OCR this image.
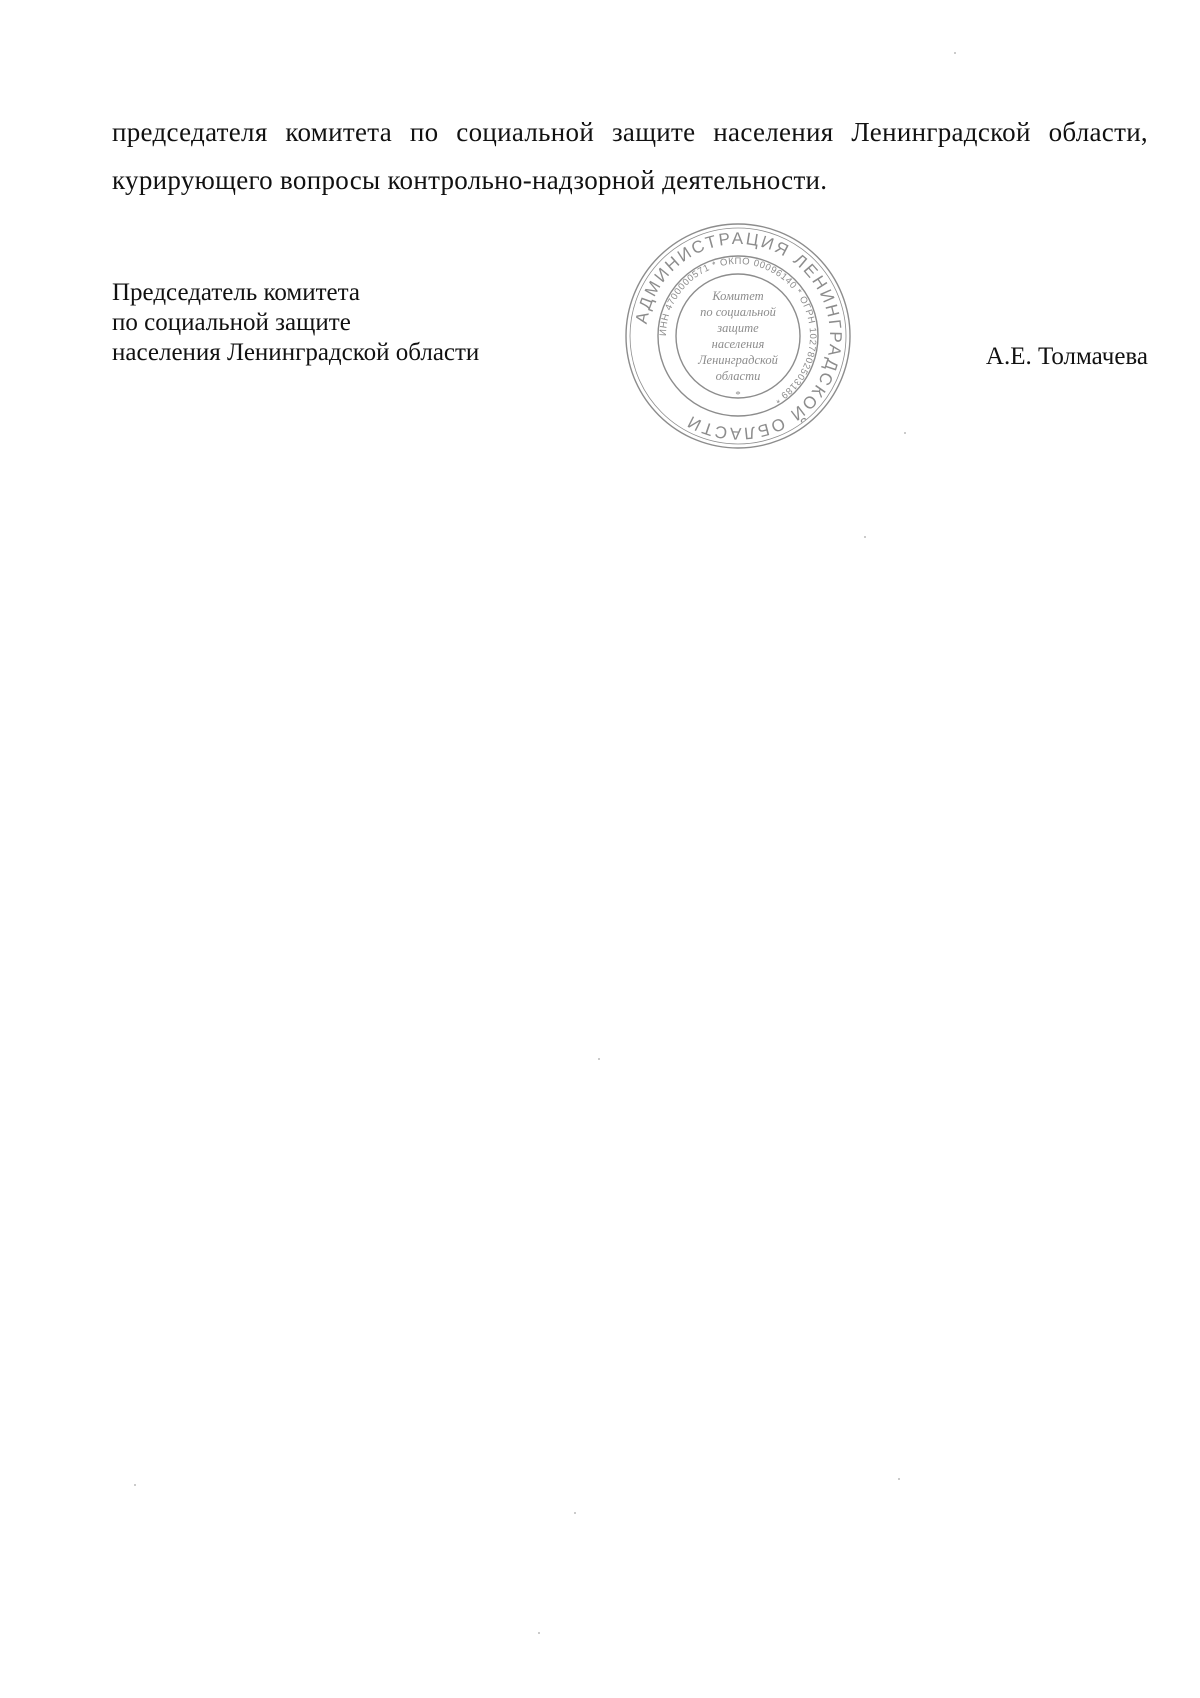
председателя комитета по социальной защите населения Ленинградской области,
курирующего вопросы контрольно-надзорной деятельности.
Председатель комитета
по социальной защите
населения Ленинградской области	А.Е. Толмачева
АДМИНИСТРАЦИЯ ЛЕНИНГРАДСКОЙ ОБЛАСТИ
ИНН 4700000571 * ОКПО 00096140 * ОГРН 1027802503189 *
Комитет
по социальной
защите
населения
Ленинградской
области
*
